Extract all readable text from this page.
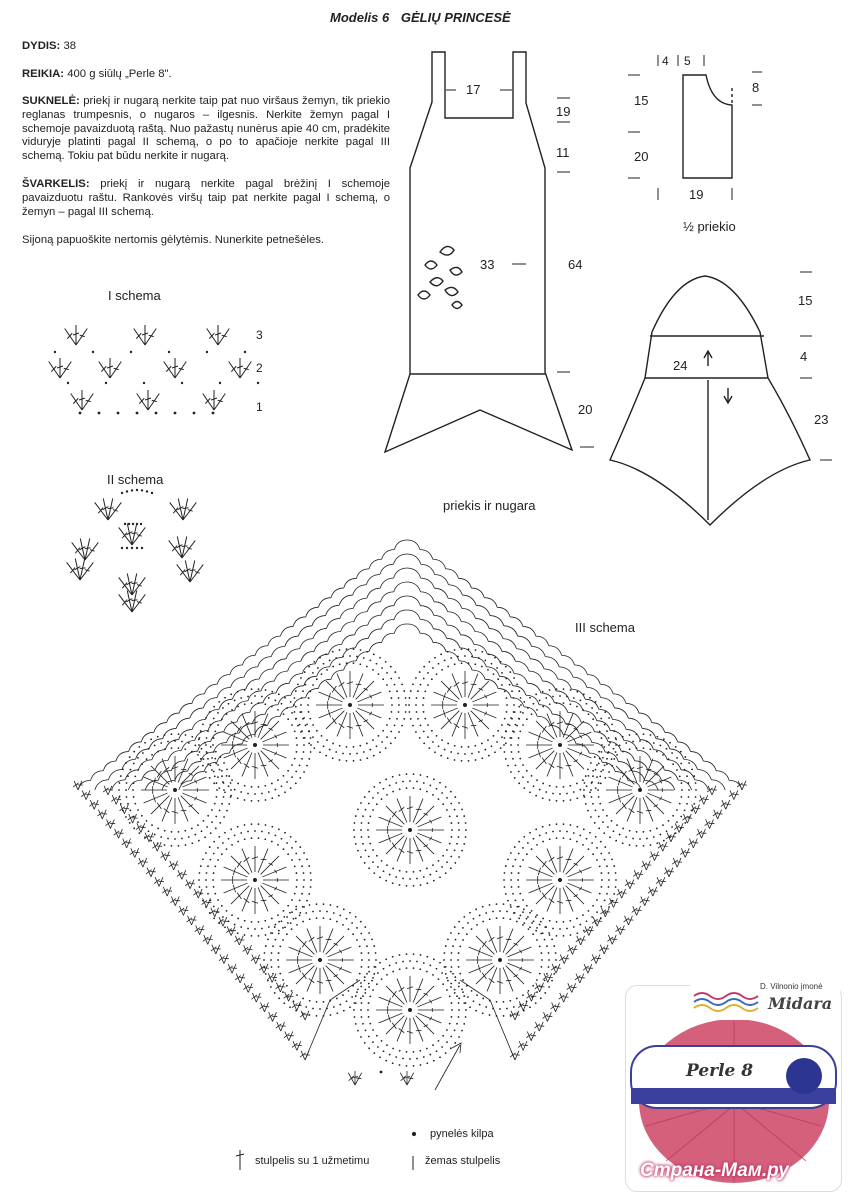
Modelis 6 GĖLIŲ PRINCESĖ
DYDIS: 38
REIKIA: 400 g siūlų „Perle 8".
SUKNELĖ: priekį ir nugarą nerkite taip pat nuo viršaus žemyn, tik priekio reglanas trumpesnis, o nugaros – ilgesnis. Nerkite žemyn pagal I schemoje pavaizduotą raštą. Nuo pažastų nunėrus apie 40 cm, pradėkite viduryje platinti pagal II schemą, o po to apačioje nerkite pagal III schemą. Tokiu pat būdu nerkite ir nugarą.
ŠVARKELIS: priekį ir nugarą nerkite pagal brėžinį I schemoje pavaizduotu raštu. Rankovės viršų taip pat nerkite pagal I schemą, o žemyn – pagal III schemą.
Sijoną papuoškite nertomis gėlytėmis. Nunerkite petnešėles.
I schema
II schema
III schema
3
2
1
17
19
11
33	64
20
priekis ir nugara
4 5
8
15
20
19
½ priekio
15
4
24
23
pynelės kilpa
stulpelis su 1 užmetimu	žemas stulpelis
Perle 8
D. Vilnonio įmonė
Midara
Страна-Мам.ру
